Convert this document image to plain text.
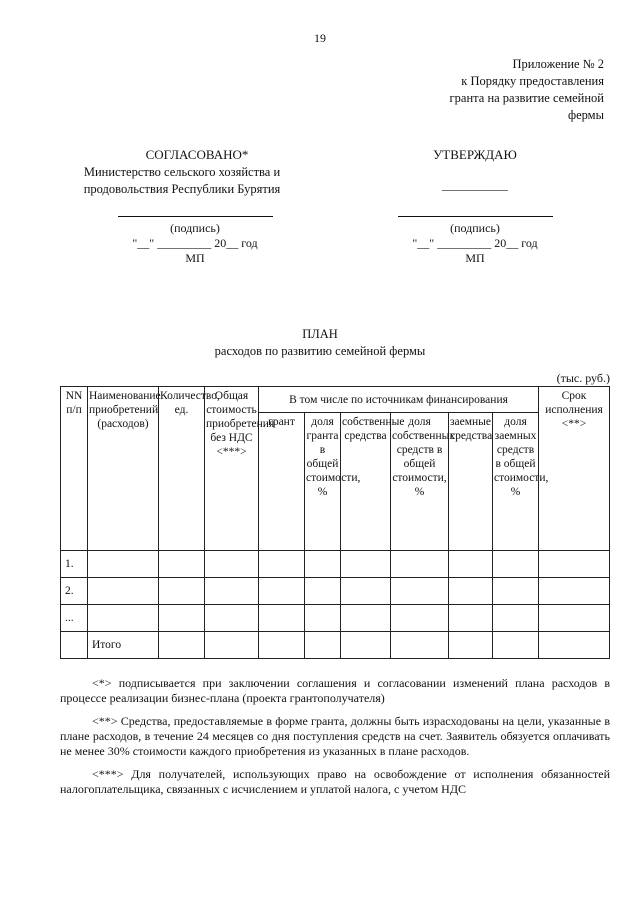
19
Приложение № 2
к Порядку предоставления
гранта на развитие семейной
фермы
СОГЛАСОВАНО*
Министерство сельского хозяйства и
продовольствия Республики Бурятия
(подпись)
"__" _________ 20__ год
МП
УТВЕРЖДАЮ
___________
(подпись)
"__" _________ 20__ год
МП
ПЛАН
расходов по развитию семейной фермы
(тыс. руб.)
NN п/п	Наименование приобретений (расходов)	Количество, ед.	Общая стоимость приобретения без НДС <***>	В том числе по источникам финансирования						Срок исполнения <**>
				грант	доля гранта в общей стоимости, %	собственные средства	доля собственных средств в общей стоимости, %	заемные средства	доля заемных средств в общей стоимости, %	
1.										
2.										
...										
	Итого									

<*> подписывается при заключении соглашения и согласовании изменений плана расходов в процессе реализации бизнес-плана (проекта грантополучателя)

<**> Средства, предоставляемые в форме гранта, должны быть израсходованы на цели, указанные в плане расходов, в течение 24 месяцев со дня поступления средств на счет. Заявитель обязуется оплачивать не менее 30% стоимости каждого приобретения из указанных в плане расходов.

<***> Для получателей, использующих право на освобождение от исполнения обязанностей налогоплательщика, связанных с исчислением и уплатой налога, с учетом НДС
